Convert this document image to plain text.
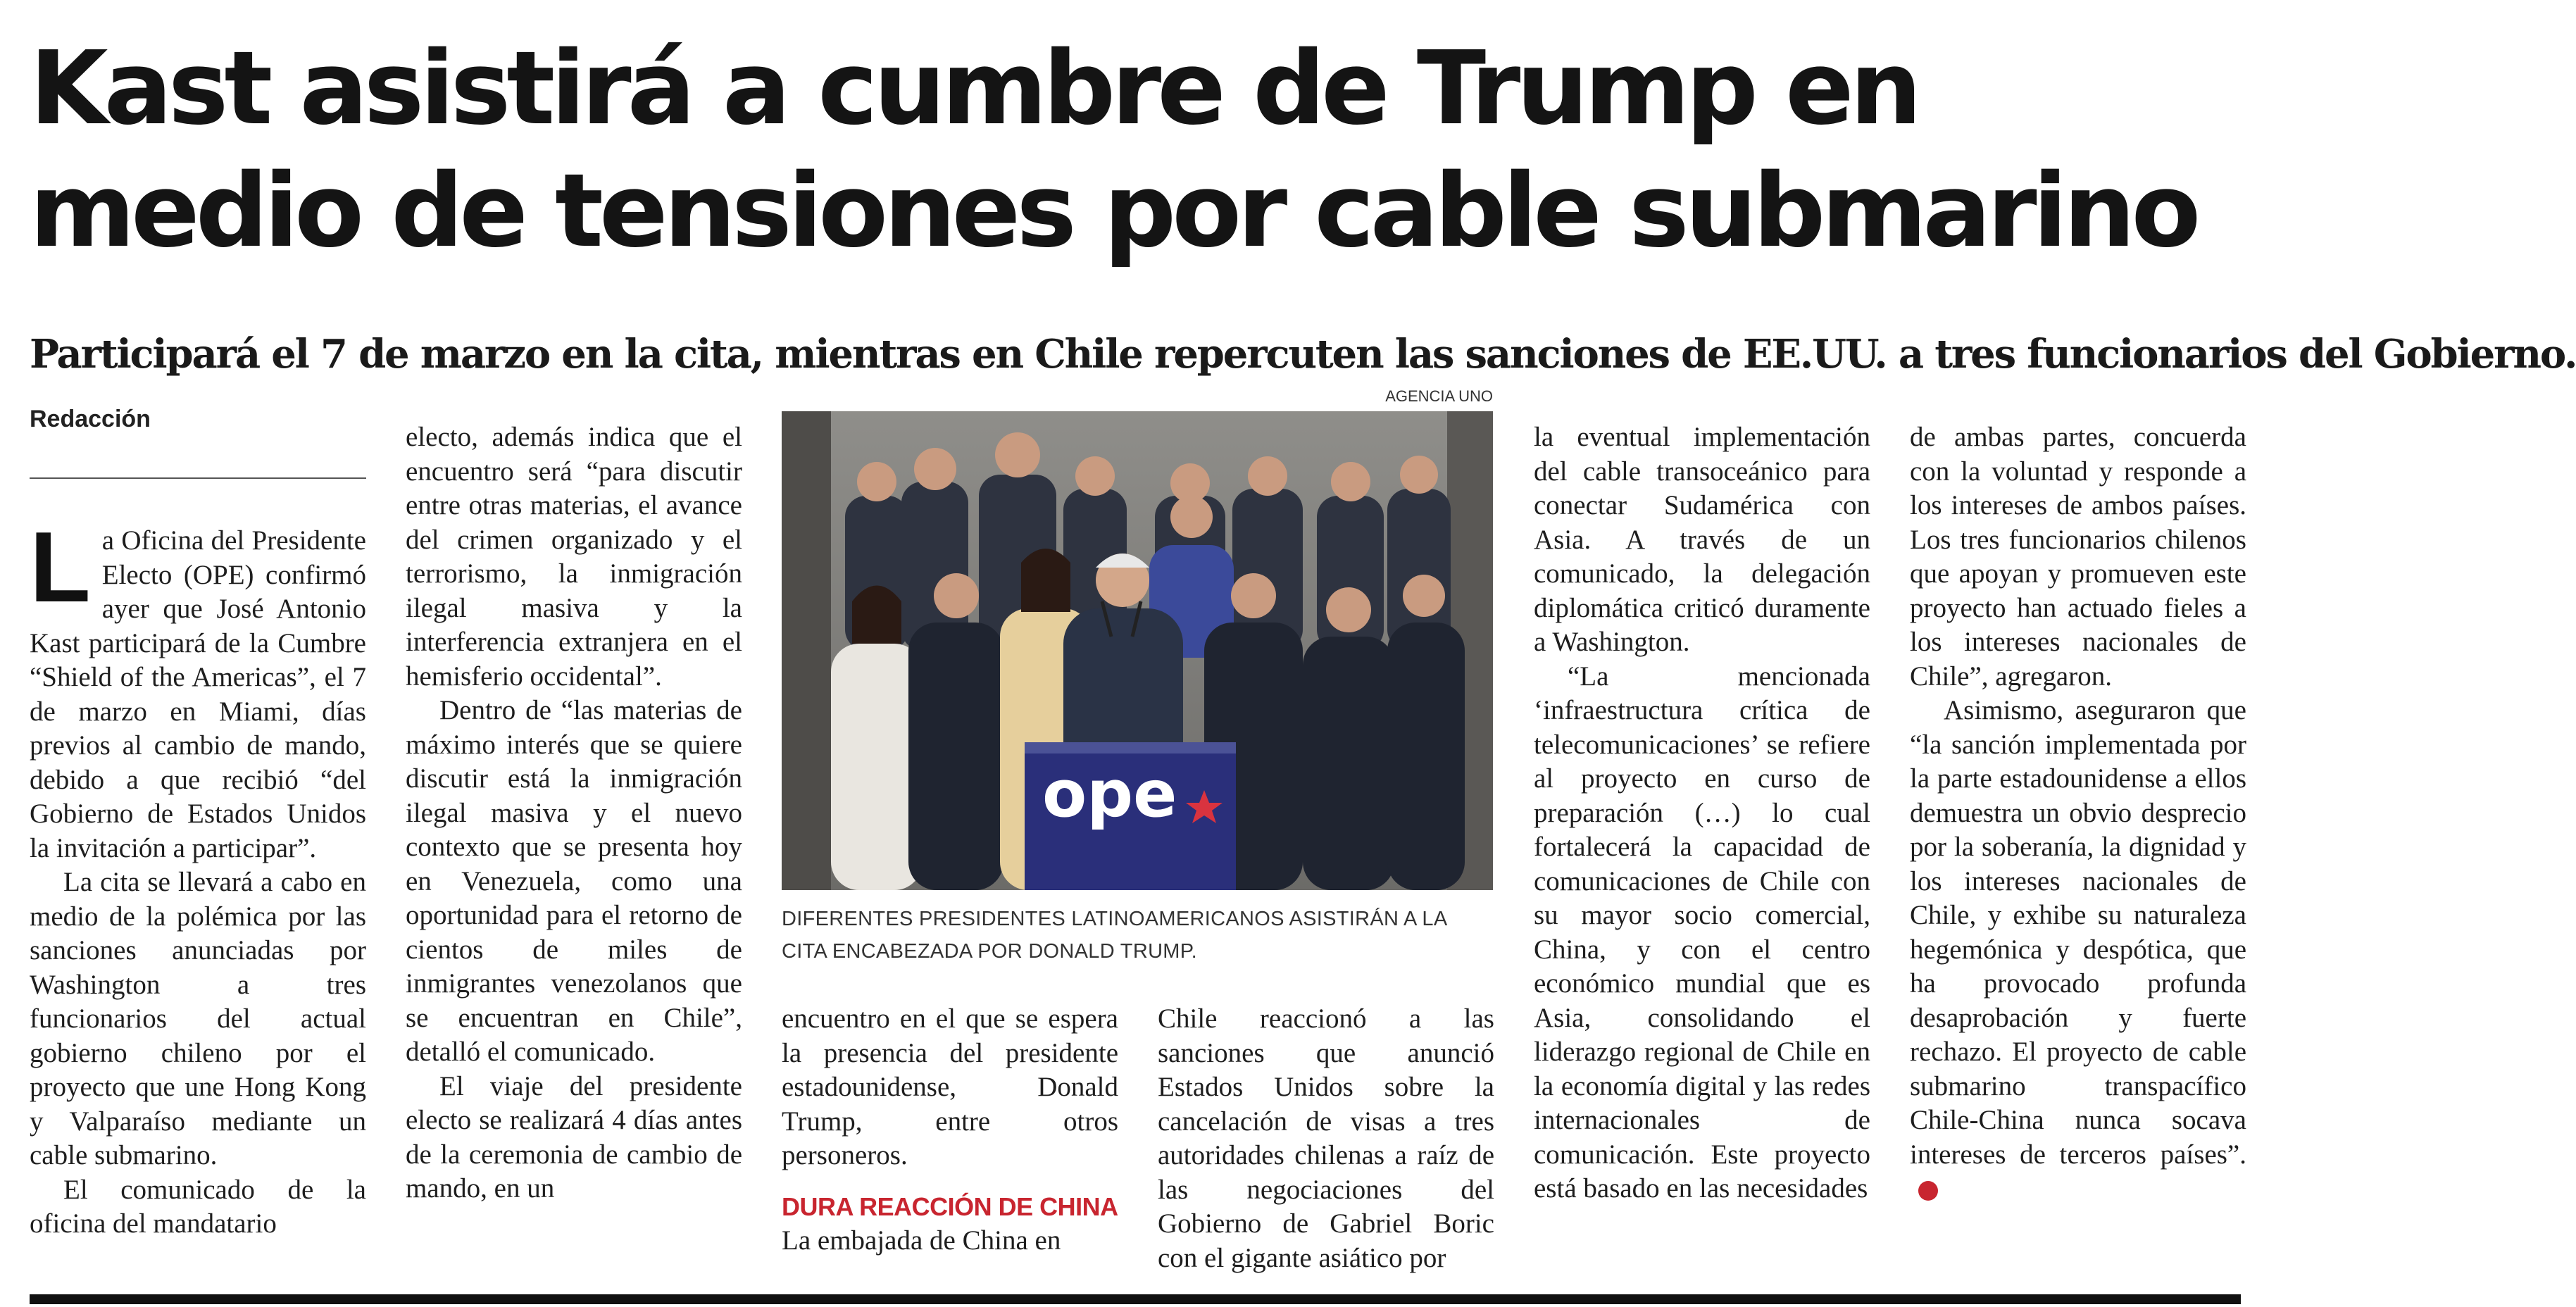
Kast asistirá a cumbre de Trump en
medio de tensiones por cable submarino
Participará el 7 de marzo en la cita, mientras en Chile repercuten las sanciones de EE.UU. a tres funcionarios del Gobierno.
Redacción

La Oficina del Presidente Electo (OPE) confirmó ayer que José Antonio Kast participará de la Cumbre “Shield of the Americas”, el 7 de marzo en Miami, días previos al cambio de mando, debido a que recibió “del Gobierno de Estados Unidos la invitación a participar”.

La cita se llevará a cabo en medio de la polémica por las sanciones anunciadas por Washington a tres funcionarios del actual gobierno chileno por el proyecto que une Hong Kong y Valparaíso mediante un cable submarino.

El comunicado de la oficina del mandatario

electo, además indica que el encuentro será “para discutir entre otras materias, el avance del crimen organizado y el terrorismo, la inmigración ilegal masiva y la interferencia extranjera en el hemisferio occidental”.

Dentro de “las materias de máximo interés que se quiere discutir está la inmigración ilegal masiva y el nuevo contexto que se presenta hoy en Venezuela, como una oportunidad para el retorno de cientos de miles de inmigrantes venezolanos que se encuentran en Chile”, detalló el comunicado.

El viaje del presidente electo se realizará 4 días antes de la ceremonia de cambio de mando, en un

AGENCIA UNO
ope
DIFERENTES PRESIDENTES LATINOAMERICANOS ASISTIRÁN A LA CITA ENCABEZADA POR DONALD TRUMP.

encuentro en el que se espera la presencia del presidente estadounidense, Donald Trump, entre otros personeros.

DURA REACCIÓN DE CHINA

La embajada de China en

Chile reaccionó a las sanciones que anunció Estados Unidos sobre la cancelación de visas a tres autoridades chilenas a raíz de las negociaciones del Gobierno de Gabriel Boric con el gigante asiático por

la eventual implementación del cable transoceánico para conectar Sudamérica con Asia. A través de un comunicado, la delegación diplomática criticó duramente a Washington.

“La mencionada ‘infraestructura crítica de telecomunicaciones’ se refiere al proyecto en curso de preparación (…) lo cual fortalecerá la capacidad de comunicaciones de Chile con su mayor socio comercial, China, y con el centro económico mundial que es Asia, consolidando el liderazgo regional de Chile en la economía digital y las redes internacionales de comunicación. Este proyecto está basado en las necesidades

de ambas partes, concuerda con la voluntad y responde a los intereses de ambos países. Los tres funcionarios chilenos que apoyan y promueven este proyecto han actuado fieles a los intereses nacionales de Chile”, agregaron.

Asimismo, aseguraron que “la sanción implementada por la parte estadounidense a ellos demuestra un obvio desprecio por la soberanía, la dignidad y los intereses nacionales de Chile, y exhibe su naturaleza hegemónica y despótica, que ha provocado profunda desaprobación y fuerte rechazo. El proyecto de cable submarino transpacífico Chile-China nunca socava intereses de terceros países”.✪
